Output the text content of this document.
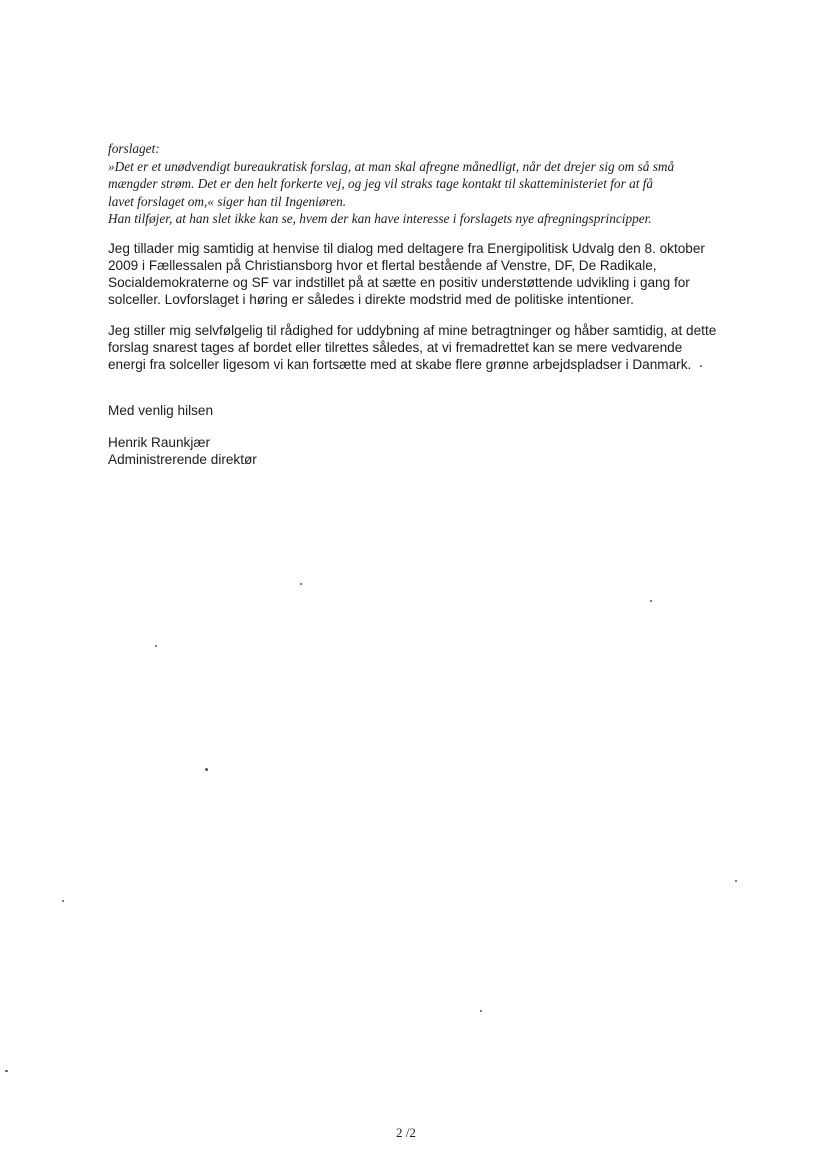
forslaget:
»Det er et unødvendigt bureaukratisk forslag, at man skal afregne månedligt, når det drejer sig om så små
mængder strøm. Det er den helt forkerte vej, og jeg vil straks tage kontakt til skatteministeriet for at få
lavet forslaget om,« siger han til Ingeniøren.
Han tilføjer, at han slet ikke kan se, hvem der kan have interesse i forslagets nye afregningsprincipper.
Jeg tillader mig samtidig at henvise til dialog med deltagere fra Energipolitisk Udvalg den 8. oktober
2009 i Fællessalen på Christiansborg hvor et flertal bestående af Venstre, DF, De Radikale,
Socialdemokraterne og SF var indstillet på at sætte en positiv understøttende udvikling i gang for
solceller. Lovforslaget i høring er således i direkte modstrid med de politiske intentioner.
Jeg stiller mig selvfølgelig til rådighed for uddybning af mine betragtninger og håber samtidig, at dette
forslag snarest tages af bordet eller tilrettes således, at vi fremadrettet kan se mere vedvarende
energi fra solceller ligesom vi kan fortsætte med at skabe flere grønne arbejdspladser i Danmark.
Med venlig hilsen
Henrik Raunkjær
Administrerende direktør
2 /2
